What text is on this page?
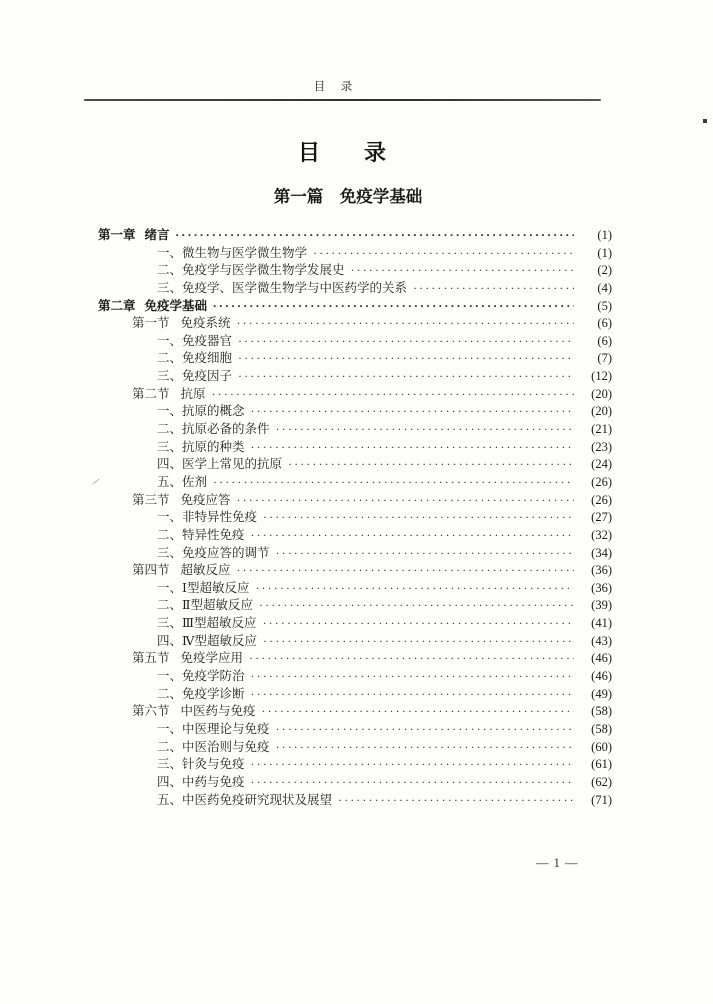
目　录
目　　录
第一篇　免疫学基础
第一章 绪言 ·····	(1)
一、微生物与医学微生物学 ·····	(1)
二、免疫学与医学微生物学发展史 ·····	(2)
三、免疫学、医学微生物学与中医药学的关系 ·····	(4)
第二章 免疫学基础 ·····	(5)
第一节 免疫系统 ·····	(6)
一、免疫器官 ·····	(6)
二、免疫细胞 ·····	(7)
三、免疫因子 ·····	(12)
第二节 抗原 ·····	(20)
一、抗原的概念 ·····	(20)
二、抗原必备的条件 ·····	(21)
三、抗原的种类 ·····	(23)
四、医学上常见的抗原 ·····	(24)
五、佐剂 ·····	(26)
第三节 免疫应答 ·····	(26)
一、非特异性免疫 ·····	(27)
二、特异性免疫 ·····	(32)
三、免疫应答的调节 ·····	(34)
第四节 超敏反应 ·····	(36)
一、Ⅰ型超敏反应 ·····	(36)
二、Ⅱ型超敏反应 ·····	(39)
三、Ⅲ型超敏反应 ·····	(41)
四、Ⅳ型超敏反应 ·····	(43)
第五节 免疫学应用 ·····	(46)
一、免疫学防治 ·····	(46)
二、免疫学诊断 ·····	(49)
第六节 中医药与免疫 ·····	(58)
一、中医理论与免疫 ·····	(58)
二、中医治则与免疫 ·····	(60)
三、针灸与免疫 ·····	(61)
四、中药与免疫 ·····	(62)
五、中医药免疫研究现状及展望 ·····	(71)
— 1 —
